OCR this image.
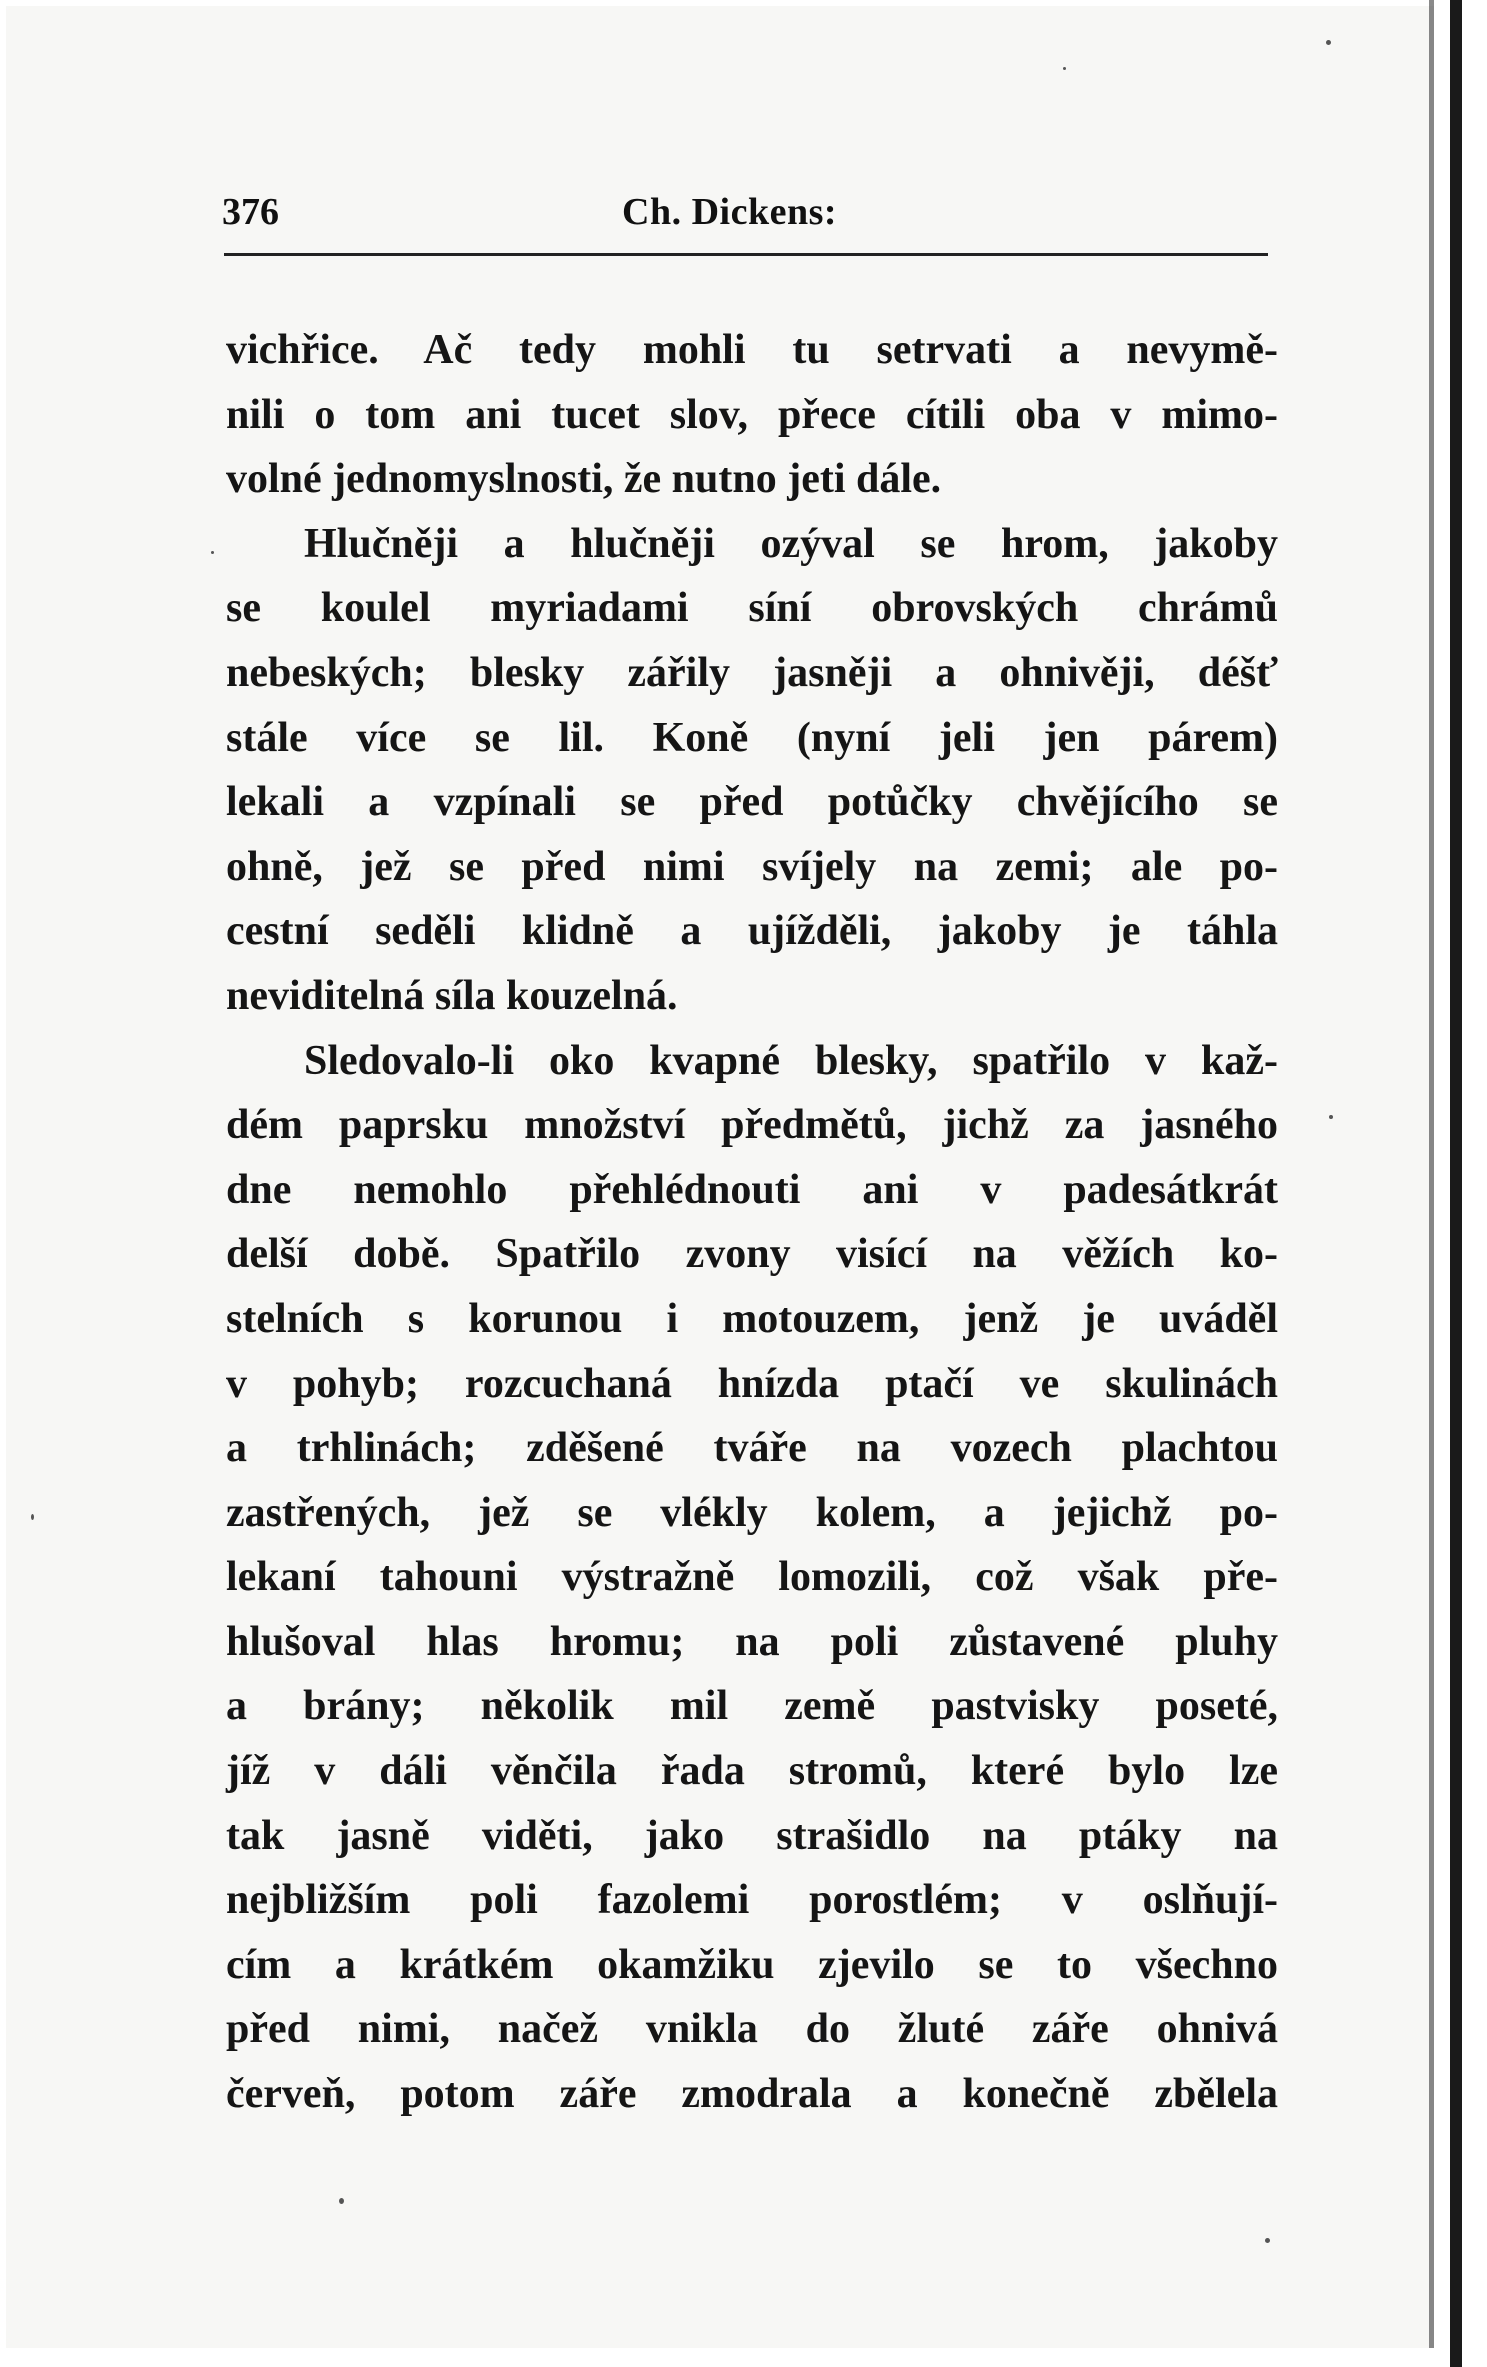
376	Ch. Dickens:
vichřice. Ač tedy mohli tu setrvati a nevymě-
nili o tom ani tucet slov, přece cítili oba v mimo-
volné jednomyslnosti, že nutno jeti dále.
Hlučněji a hlučněji ozýval se hrom, jakoby
se koulel myriadami síní obrovských chrámů
nebeských; blesky zářily jasněji a ohnivěji, déšť
stále více se lil. Koně (nyní jeli jen párem)
lekali a vzpínali se před potůčky chvějícího se
ohně, jež se před nimi svíjely na zemi; ale po-
cestní seděli klidně a ujížděli, jakoby je táhla
neviditelná síla kouzelná.
Sledovalo-li oko kvapné blesky, spatřilo v kaž-
dém paprsku množství předmětů, jichž za jasného
dne nemohlo přehlédnouti ani v padesátkrát
delší době. Spatřilo zvony visící na věžích ko-
stelních s korunou i motouzem, jenž je uváděl
v pohyb; rozcuchaná hnízda ptačí ve skulinách
a trhlinách; zděšené tváře na vozech plachtou
zastřených, jež se vlékly kolem, a jejichž po-
lekaní tahouni výstražně lomozili, což však pře-
hlušoval hlas hromu; na poli zůstavené pluhy
a brány; několik mil země pastvisky poseté,
jíž v dáli věnčila řada stromů, které bylo lze
tak jasně viděti, jako strašidlo na ptáky na
nejbližším poli fazolemi porostlém; v oslňují-
cím a krátkém okamžiku zjevilo se to všechno
před nimi, načež vnikla do žluté záře ohnivá
červeň, potom záře zmodrala a konečně zbělela
